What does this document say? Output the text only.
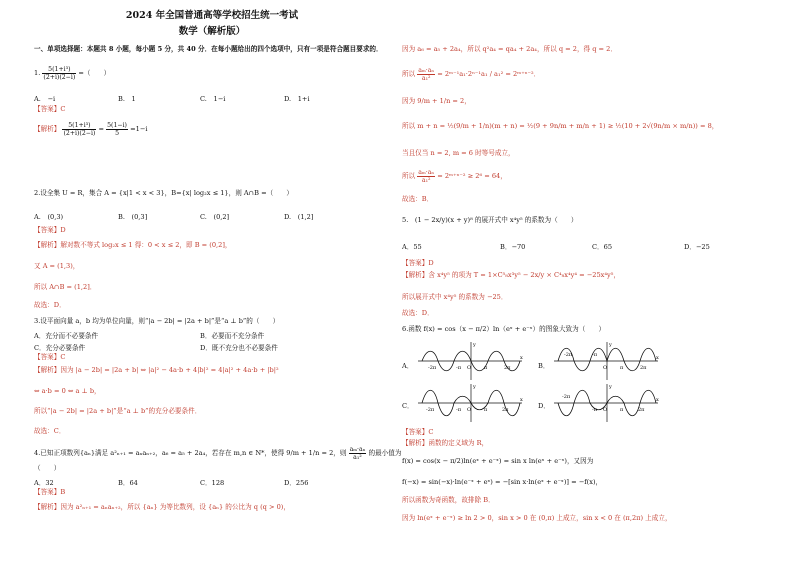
2024 年全国普通高等学校招生统一考试
数学（解析版）
一、单项选择题：本题共 8 小题，每小题 5 分，共 40 分．在每小题给出的四个选项中，只有一项是符合题目要求的．
1. $\frac{\text{5(1+i³)}}{(2+i)(2-i)}$ =（　　）
A.　−i	B.　1	C.　1−i	D.　1+i
【答案】C
【解析】 $\frac{\text{5(1+i³)}}{(2+i)(2-i)} = \frac{5(1-i)}{5} =1-i$
2.设全集 U = R，集合 A = {x|1 < x < 3}，B={x| log₂x ≤ 1}，则 A∩B =（　　）
A.　(0,3)	B.　(0,3]	C.　(0,2]	D.　(1,2]
【答案】D
【解析】解对数不等式 log₂x ≤ 1 得：0 < x ≤ 2，即 B = (0,2]，
又 A = (1,3)，
所以 A∩B = (1,2]．
故选：D．
3.设平面向量 a，b 均为单位向量，则“|a − 2b| = |2a + b|”是“a ⊥ b”的（　　）
A．充分而不必要条件	B．必要而不充分条件
C．充分必要条件	D．既不充分也不必要条件
【答案】C
【解析】因为 |a − 2b| = |2a + b| ⇔ |a|² − 4a·b + 4|b|² = 4|a|² + 4a·b + |b|²
⇔ a·b = 0 ⇔ a ⊥ b，
所以“|a − 2b| = |2a + b|”是“a ⊥ b”的充分必要条件．
故选：C．
4.已知正项数列{aₙ}满足 a²ₙ₊₁ = aₙaₙ₊₂，a₆ = a₅ + 2a₄，若存在 m,n ∈ N*，使得 9/m + 1/n = 2，则 $\frac{\text{aₘ·aₙ}}{\text{a₁²}}$ 的最小值为
（　　）
A．32	B．64	C．128	D．256
【答案】B
【解析】因为 a²ₙ₊₁ = aₙaₙ₊₂，所以 {aₙ} 为等比数列，设 {aₙ} 的公比为 q (q > 0)，
因为 a₆ = a₅ + 2a₄，所以 q²a₄ = qa₄ + 2a₄，所以 q = 2，得 q = 2．
所以 $\frac{\text{aₘ·aₙ}}{\text{a₁²}}$ = 2ᵐ⁻¹a₁·2ⁿ⁻¹a₁ / a₁² = 2ᵐ⁺ⁿ⁻²．
因为 9/m + 1/n = 2，
所以 m + n = ½(9/m + 1/n)(m + n) = ½(9 + 9n/m + m/n + 1) ≥ ½(10 + 2√(9n/m × m/n)) = 8，
当且仅当 n = 2, m = 6 时等号成立，
所以 $\frac{\text{aₘ·aₙ}}{\text{a₁²}}$ = 2ᵐ⁺ⁿ⁻² ≥ 2⁶ = 64，
故选：B．
5.　(1 − 2x/y)(x + y)⁸ 的展开式中 x⁴y⁵ 的系数为（　　）
A．55	B．−70	C．65	D．−25
【答案】D
【解析】含 x⁴y⁵ 的项为 T = 1×C⁵₈x³y⁵ − 2x/y × C⁴₈x⁴y⁴ = −25x⁴y⁵，
所以展开式中 x⁴y⁵ 的系数为 −25．
故选：D．
6.函数 f(x) = cos（x − π/2）ln（eˣ + e⁻ˣ）的图象大致为（　　）
A．	B．
C．	D．
-2π	-π O	π	2π
x
y
-2π	-π
O	π	2π
x
y
-2π	-π O	π	2π
x
y
-2π
-π O	π	2π
x
y
【答案】C
【解析】函数的定义域为 R，
f(x) = cos(x − π/2)ln(eˣ + e⁻ˣ) = sin x ln(eˣ + e⁻ˣ)，又因为
f(−x) = sin(−x)·ln(e⁻ˣ + eˣ) = −[sin x·ln(eˣ + e⁻ˣ)] = −f(x)，
所以函数为奇函数，故排除 B．
因为 ln(eˣ + e⁻ˣ) ≥ ln 2 > 0，sin x > 0 在 (0,π) 上成立，sin x < 0 在 (π,2π) 上成立，
